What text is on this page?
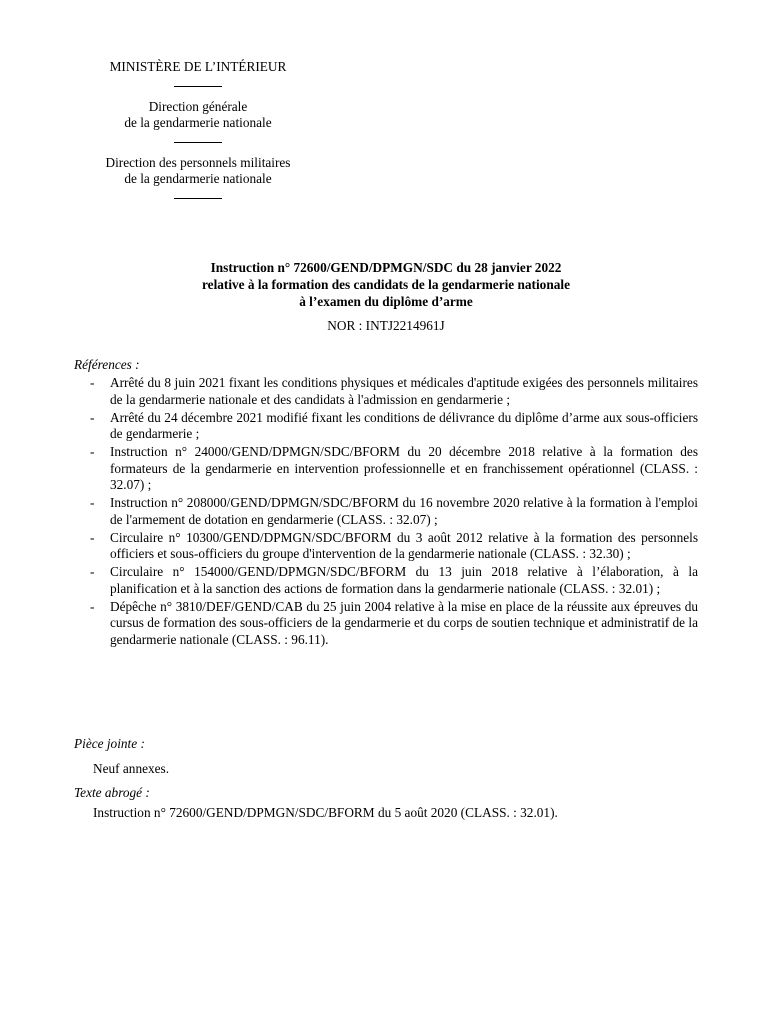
MINISTÈRE DE L’INTÉRIEUR
Direction générale
de la gendarmerie nationale
Direction des personnels militaires
de la gendarmerie nationale
Instruction n° 72600/GEND/DPMGN/SDC du 28 janvier 2022
relative à la formation des candidats de la gendarmerie nationale
à l’examen du diplôme d’arme
NOR : INTJ2214961J
Références :
- Arrêté du 8 juin 2021 fixant les conditions physiques et médicales d'aptitude exigées des personnels militaires de la gendarmerie nationale et des candidats à l'admission en gendarmerie ;
- Arrêté du 24 décembre 2021 modifié fixant les conditions de délivrance du diplôme d’arme aux sous-officiers de gendarmerie ;
- Instruction n° 24000/GEND/DPMGN/SDC/BFORM du 20 décembre 2018 relative à la formation des formateurs de la gendarmerie en intervention professionnelle et en franchissement opérationnel (CLASS. : 32.07) ;
- Instruction n° 208000/GEND/DPMGN/SDC/BFORM du 16 novembre 2020 relative à la formation à l'emploi de l'armement de dotation en gendarmerie (CLASS. : 32.07) ;
- Circulaire n° 10300/GEND/DPMGN/SDC/BFORM du 3 août 2012 relative à la formation des personnels officiers et sous-officiers du groupe d'intervention de la gendarmerie nationale (CLASS. : 32.30) ;
- Circulaire n° 154000/GEND/DPMGN/SDC/BFORM du 13 juin 2018 relative à l’élaboration, à la planification et à la sanction des actions de formation dans la gendarmerie nationale (CLASS. : 32.01) ;
- Dépêche n° 3810/DEF/GEND/CAB du 25 juin 2004 relative à la mise en place de la réussite aux épreuves du cursus de formation des sous-officiers de la gendarmerie et du corps de soutien technique et administratif de la gendarmerie nationale (CLASS. : 96.11).
Pièce jointe :
Neuf annexes.
Texte abrogé :
Instruction n° 72600/GEND/DPMGN/SDC/BFORM du 5 août 2020 (CLASS. : 32.01).
